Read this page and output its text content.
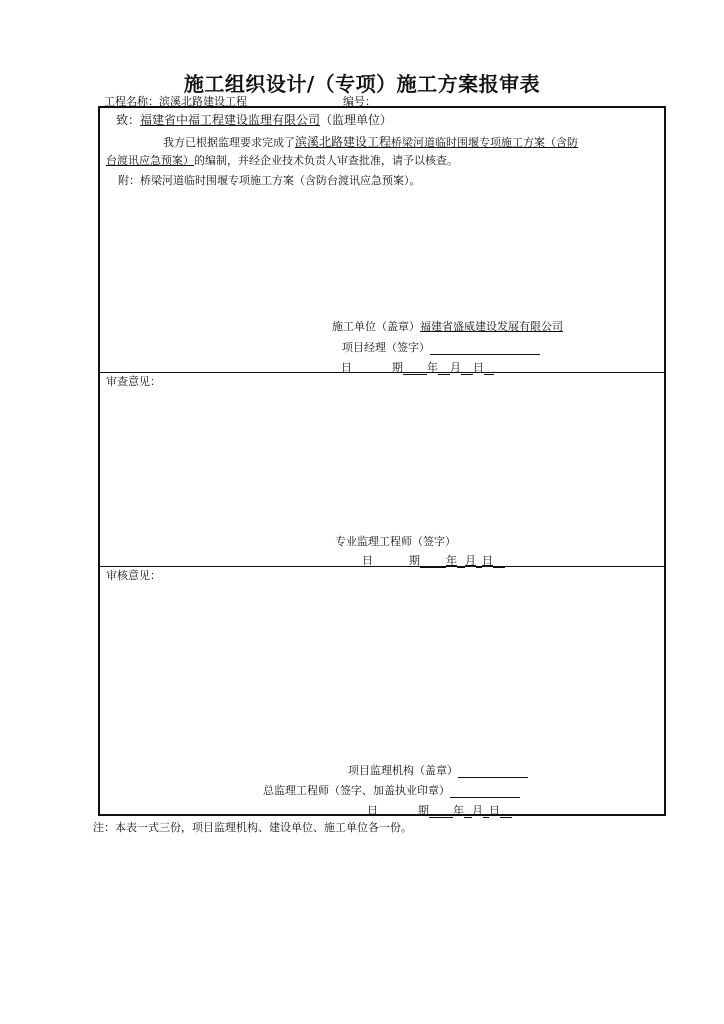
施工组织设计/（专项）施工方案报审表
工程名称：滨溪北路建设工程	编号：
致：福建省中福工程建设监理有限公司（监理单位）
我方已根据监理要求完成了滨溪北路建设工程桥梁河道临时围堰专项施工方案（含防
台渡讯应急预案）的编制，并经企业技术负责人审查批准，请予以核查。
附：桥梁河道临时围堰专项施工方案（含防台渡讯应急预案）。
施工单位（盖章）福建省盛威建设发展有限公司
项目经理（签字）
日	期 年 月 日
审查意见：
专业监理工程师（签字）
日	期 年 月 日
审核意见：
项目监理机构（盖章）
总监理工程师（签字、加盖执业印章）
日	期 年 月 日
注：本表一式三份，项目监理机构、建设单位、施工单位各一份。
